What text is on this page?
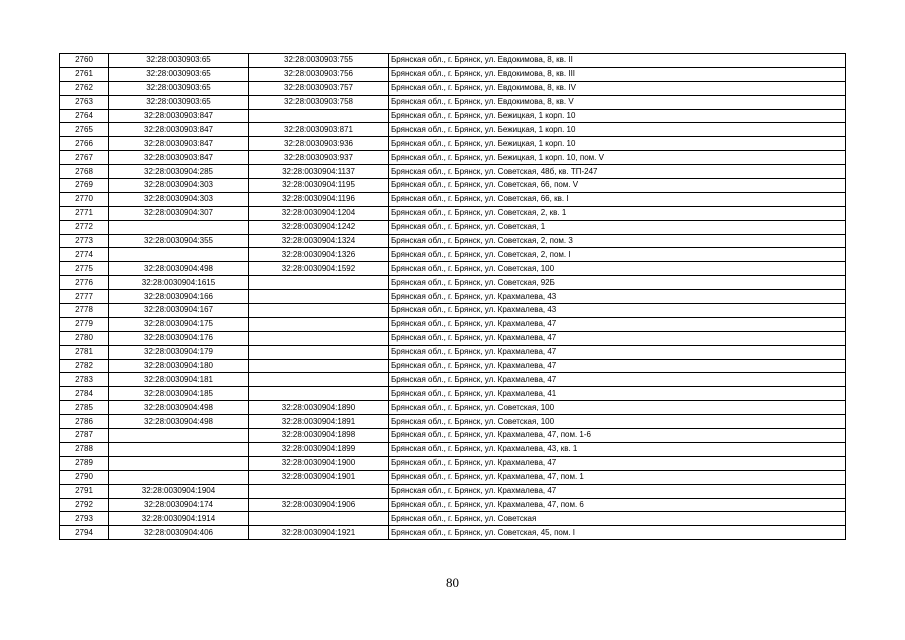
2760	32:28:0030903:65	32:28:0030903:755	Брянская обл., г. Брянск, ул. Евдокимова, 8, кв. II
2761	32:28:0030903:65	32:28:0030903:756	Брянская обл., г. Брянск, ул. Евдокимова, 8, кв. III
2762	32:28:0030903:65	32:28:0030903:757	Брянская обл., г. Брянск, ул. Евдокимова, 8, кв. IV
2763	32:28:0030903:65	32:28:0030903:758	Брянская обл., г. Брянск, ул. Евдокимова, 8, кв. V
2764	32:28:0030903:847		Брянская обл., г. Брянск, ул. Бежицкая, 1 корп. 10
2765	32:28:0030903:847	32:28:0030903:871	Брянская обл., г. Брянск, ул. Бежицкая, 1 корп. 10
2766	32:28:0030903:847	32:28:0030903:936	Брянская обл., г. Брянск, ул. Бежицкая, 1 корп. 10
2767	32:28:0030903:847	32:28:0030903:937	Брянская обл., г. Брянск, ул. Бежицкая, 1 корп. 10, пом. V
2768	32:28:0030904:285	32:28:0030904:1137	Брянская обл., г. Брянск, ул. Советская, 48б, кв. ТП-247
2769	32:28:0030904:303	32:28:0030904:1195	Брянская обл., г. Брянск, ул. Советская, 66, пом. V
2770	32:28:0030904:303	32:28:0030904:1196	Брянская обл., г. Брянск, ул. Советская, 66, кв. I
2771	32:28:0030904:307	32:28:0030904:1204	Брянская обл., г. Брянск, ул. Советская, 2, кв. 1
2772		32:28:0030904:1242	Брянская обл., г. Брянск, ул. Советская, 1
2773	32:28:0030904:355	32:28:0030904:1324	Брянская обл., г. Брянск, ул. Советская, 2, пом. 3
2774		32:28:0030904:1326	Брянская обл., г. Брянск, ул. Советская, 2, пом. I
2775	32:28:0030904:498	32:28:0030904:1592	Брянская обл., г. Брянск, ул. Советская, 100
2776	32:28:0030904:1615		Брянская обл., г. Брянск, ул. Советская, 92Б
2777	32:28:0030904:166		Брянская обл., г. Брянск, ул. Крахмалева, 43
2778	32:28:0030904:167		Брянская обл., г. Брянск, ул. Крахмалева, 43
2779	32:28:0030904:175		Брянская обл., г. Брянск, ул. Крахмалева, 47
2780	32:28:0030904:176		Брянская обл., г. Брянск, ул. Крахмалева, 47
2781	32:28:0030904:179		Брянская обл., г. Брянск, ул. Крахмалева, 47
2782	32:28:0030904:180		Брянская обл., г. Брянск, ул. Крахмалева, 47
2783	32:28:0030904:181		Брянская обл., г. Брянск, ул. Крахмалева, 47
2784	32:28:0030904:185		Брянская обл., г. Брянск, ул. Крахмалева, 41
2785	32:28:0030904:498	32:28:0030904:1890	Брянская обл., г. Брянск, ул. Советская, 100
2786	32:28:0030904:498	32:28:0030904:1891	Брянская обл., г. Брянск, ул. Советская, 100
2787		32:28:0030904:1898	Брянская обл., г. Брянск, ул. Крахмалева, 47, пом. 1-6
2788		32:28:0030904:1899	Брянская обл., г. Брянск, ул. Крахмалева, 43, кв. 1
2789		32:28:0030904:1900	Брянская обл., г. Брянск, ул. Крахмалева, 47
2790		32:28:0030904:1901	Брянская обл., г. Брянск, ул. Крахмалева, 47, пом. 1
2791	32:28:0030904:1904		Брянская обл., г. Брянск, ул. Крахмалева, 47
2792	32:28:0030904:174	32:28:0030904:1906	Брянская обл., г. Брянск, ул. Крахмалева, 47, пом. 6
2793	32:28:0030904:1914		Брянская обл., г. Брянск, ул. Советская
2794	32:28:0030904:406	32:28:0030904:1921	Брянская обл., г. Брянск, ул. Советская, 45, пом. I
80
